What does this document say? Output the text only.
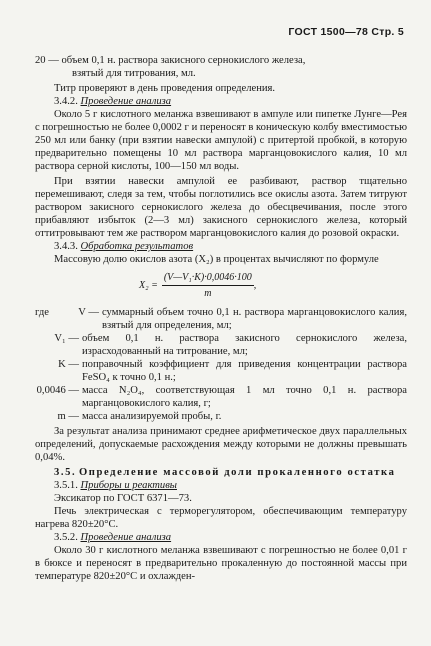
ГОСТ 1500—78 Стр. 5

20 — объем 0,1 н. раствора закисного сернокислого железа,

взятый для титрования, мл.

Титр проверяют в день проведения определения.

3.4.2. Проведение анализа

Около 5 г кислотного меланжа взвешивают в ампуле или пипетке Лунге—Рея с погрешностью не более 0,0002 г и переносят в коническую колбу вместимостью 250 мл или банку (при взятии навески ампулой) с притертой пробкой, в которую предварительно помещены 10 мл раствора марганцовокислого калия, 10 мл раствора серной кислоты, 100—150 мл воды.

При взятии навески ампулой ее разбивают, раствор тщательно перемешивают, следя за тем, чтобы поглотились все окислы азота. Затем титруют раствором закисного сернокислого железа до обесцвечивания, после этого прибавляют избыток (2—3 мл) закисного сернокислого железа, который оттитровывают тем же раствором марганцовокислого калия до розовой окраски.

3.4.3. Обработка результатов

Массовую долю окислов азота (X₂) в процентах вычисляют по формуле

$X_2 = \frac{\text{(V—V₁·K)·0,0046·100}}{m}$ ,
где	V — суммарный объем точно 0,1 н. раствора марганцовокислого калия, взятый для определения, мл;
V₁ — объем 0,1 н. раствора закисного сернокислого железа, израсходованный на титрование, мл;
K — поправочный коэффициент для приведения концентрации раствора FeSO₄ к точно 0,1 н.;
0,0046 — масса N₂O₄, соответствующая 1 мл точно 0,1 н. раствора марганцовокислого калия, г;
m — масса анализируемой пробы, г.

За результат анализа принимают среднее арифметическое двух параллельных определений, допускаемые расхождения между которыми не должны превышать 0,04%.

3.5. Определение массовой доли прокаленного остатка

3.5.1. Приборы и реактивы

Эксикатор по ГОСТ 6371—73.

Печь электрическая с терморегулятором, обеспечивающим температуру нагрева 820±20°С.

3.5.2. Проведение анализа

Около 30 г кислотного меланжа взвешивают с погрешностью не более 0,01 г в бюксе и переносят в предварительно прокаленную до постоянной массы при температуре 820±20°С и охлажден-
